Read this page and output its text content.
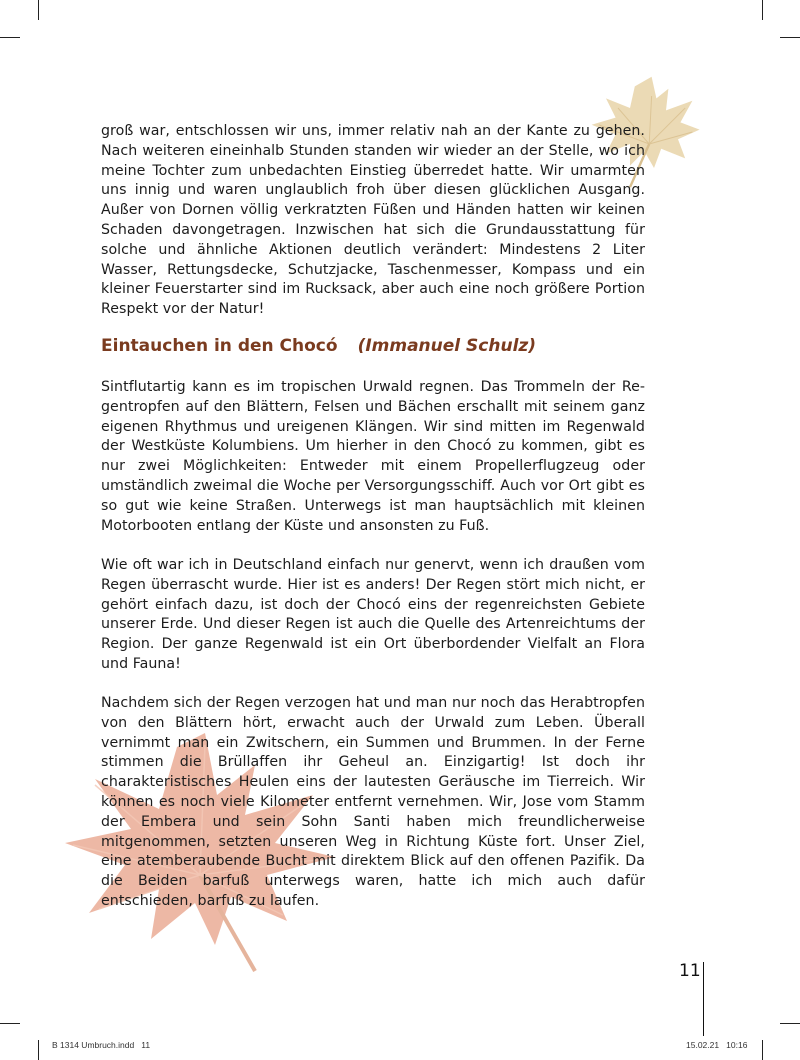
groß war, entschlossen wir uns, immer relativ nah an der Kante zu gehen. Nach weiteren eineinhalb Stunden standen wir wieder an der Stelle, wo ich meine Tochter zum unbedachten Einstieg überredet hatte. Wir umarmten uns innig und waren unglaublich froh über diesen glücklichen Ausgang. Außer von Dornen völlig verkratzten Füßen und Händen hatten wir keinen Schaden davongetragen. Inzwischen hat sich die Grundausstattung für solche und ähnliche Aktionen deutlich verändert: Mindestens 2 Liter Wasser, Rettungsdecke, Schutzjacke, Taschenmesser, Kompass und ein kleiner Feuerstarter sind im Rucksack, aber auch eine noch größere Portion Respekt vor der Natur!

Eintauchen in den Chocó (Immanuel Schulz)

Sintflutartig kann es im tropischen Urwald regnen. Das Trommeln der Regentropfen auf den Blättern, Felsen und Bächen erschallt mit seinem ganz eigenen Rhythmus und ureigenen Klängen. Wir sind mitten im Regenwald der Westküste Kolumbiens. Um hierher in den Chocó zu kommen, gibt es nur zwei Möglichkeiten: Entweder mit einem Propellerflugzeug oder umständlich zweimal die Woche per Versorgungsschiff. Auch vor Ort gibt es so gut wie keine Straßen. Unterwegs ist man hauptsächlich mit kleinen Motorbooten entlang der Küste und ansonsten zu Fuß.

Wie oft war ich in Deutschland einfach nur genervt, wenn ich draußen vom Regen überrascht wurde. Hier ist es anders! Der Regen stört mich nicht, er gehört einfach dazu, ist doch der Chocó eins der regenreichsten Gebiete unserer Erde. Und dieser Regen ist auch die Quelle des Artenreichtums der Region. Der ganze Regenwald ist ein Ort überbordender Vielfalt an Flora und Fauna!

Nachdem sich der Regen verzogen hat und man nur noch das Herabtropfen von den Blättern hört, erwacht auch der Urwald zum Leben. Überall vernimmt man ein Zwitschern, ein Summen und Brummen. In der Ferne stimmen die Brüllaffen ihr Geheul an. Einzigartig! Ist doch ihr charakteristisches Heulen eins der lautesten Geräusche im Tierreich. Wir können es noch viele Kilometer entfernt vernehmen. Wir, Jose vom Stamm der Embera und sein Sohn Santi haben mich freundlicherweise mitgenommen, setzten unseren Weg in Richtung Küste fort. Unser Ziel, eine atemberaubende Bucht mit direktem Blick auf den offenen Pazifik. Da die Beiden barfuß unterwegs waren, hatte ich mich auch dafür entschieden, barfuß zu laufen.

11
B 1314 Umbruch.indd   11	15.02.21   10:16
